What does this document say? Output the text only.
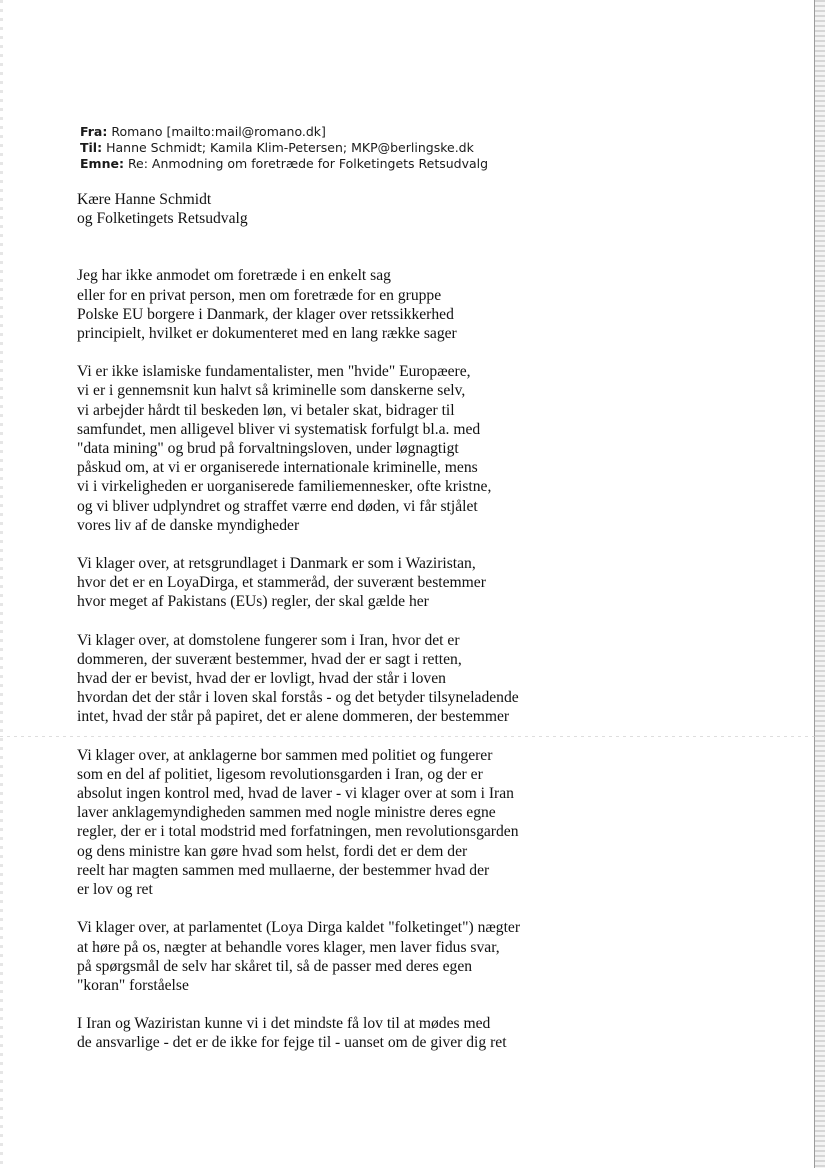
Fra: Romano [mailto:mail@romano.dk]
Til: Hanne Schmidt; Kamila Klim-Petersen; MKP@berlingske.dk
Emne: Re: Anmodning om foretræde for Folketingets Retsudvalg
Kære Hanne Schmidt
og Folketingets Retsudvalg
Jeg har ikke anmodet om foretræde i en enkelt sag
eller for en privat person, men om foretræde for en gruppe
Polske EU borgere i Danmark, der klager over retssikkerhed
principielt, hvilket er dokumenteret med en lang række sager
Vi er ikke islamiske fundamentalister, men "hvide" Europæere,
vi er i gennemsnit kun halvt så kriminelle som danskerne selv,
vi arbejder hårdt til beskeden løn, vi betaler skat, bidrager til
samfundet, men alligevel bliver vi systematisk forfulgt bl.a. med
"data mining" og brud på forvaltningsloven, under løgnagtigt
påskud om, at vi er organiserede internationale kriminelle, mens
vi i virkeligheden er uorganiserede familiemennesker, ofte kristne,
og vi bliver udplyndret og straffet værre end døden, vi får stjålet
vores liv af de danske myndigheder
Vi klager over, at retsgrundlaget i Danmark er som i Waziristan,
hvor det er en LoyaDirga, et stammeråd, der suverænt bestemmer
hvor meget af Pakistans (EUs) regler, der skal gælde her
Vi klager over, at domstolene fungerer som i Iran, hvor det er
dommeren, der suverænt bestemmer, hvad der er sagt i retten,
hvad der er bevist, hvad der er lovligt, hvad der står i loven
hvordan det der står i loven skal forstås - og det betyder tilsyneladende
intet, hvad der står på papiret, det er alene dommeren, der bestemmer
Vi klager over, at anklagerne bor sammen med politiet og fungerer
som en del af politiet, ligesom revolutionsgarden i Iran, og der er
absolut ingen kontrol med, hvad de laver - vi klager over at som i Iran
laver anklagemyndigheden sammen med nogle ministre deres egne
regler, der er i total modstrid med forfatningen, men revolutionsgarden
og dens ministre kan gøre hvad som helst, fordi det er dem der
reelt har magten sammen med mullaerne, der bestemmer hvad der
er lov og ret
Vi klager over, at parlamentet (Loya Dirga kaldet "folketinget") nægter
at høre på os, nægter at behandle vores klager, men laver fidus svar,
på spørgsmål de selv har skåret til, så de passer med deres egen
"koran" forståelse
I Iran og Waziristan kunne vi i det mindste få lov til at mødes med
de ansvarlige - det er de ikke for fejge til - uanset om de giver dig ret
